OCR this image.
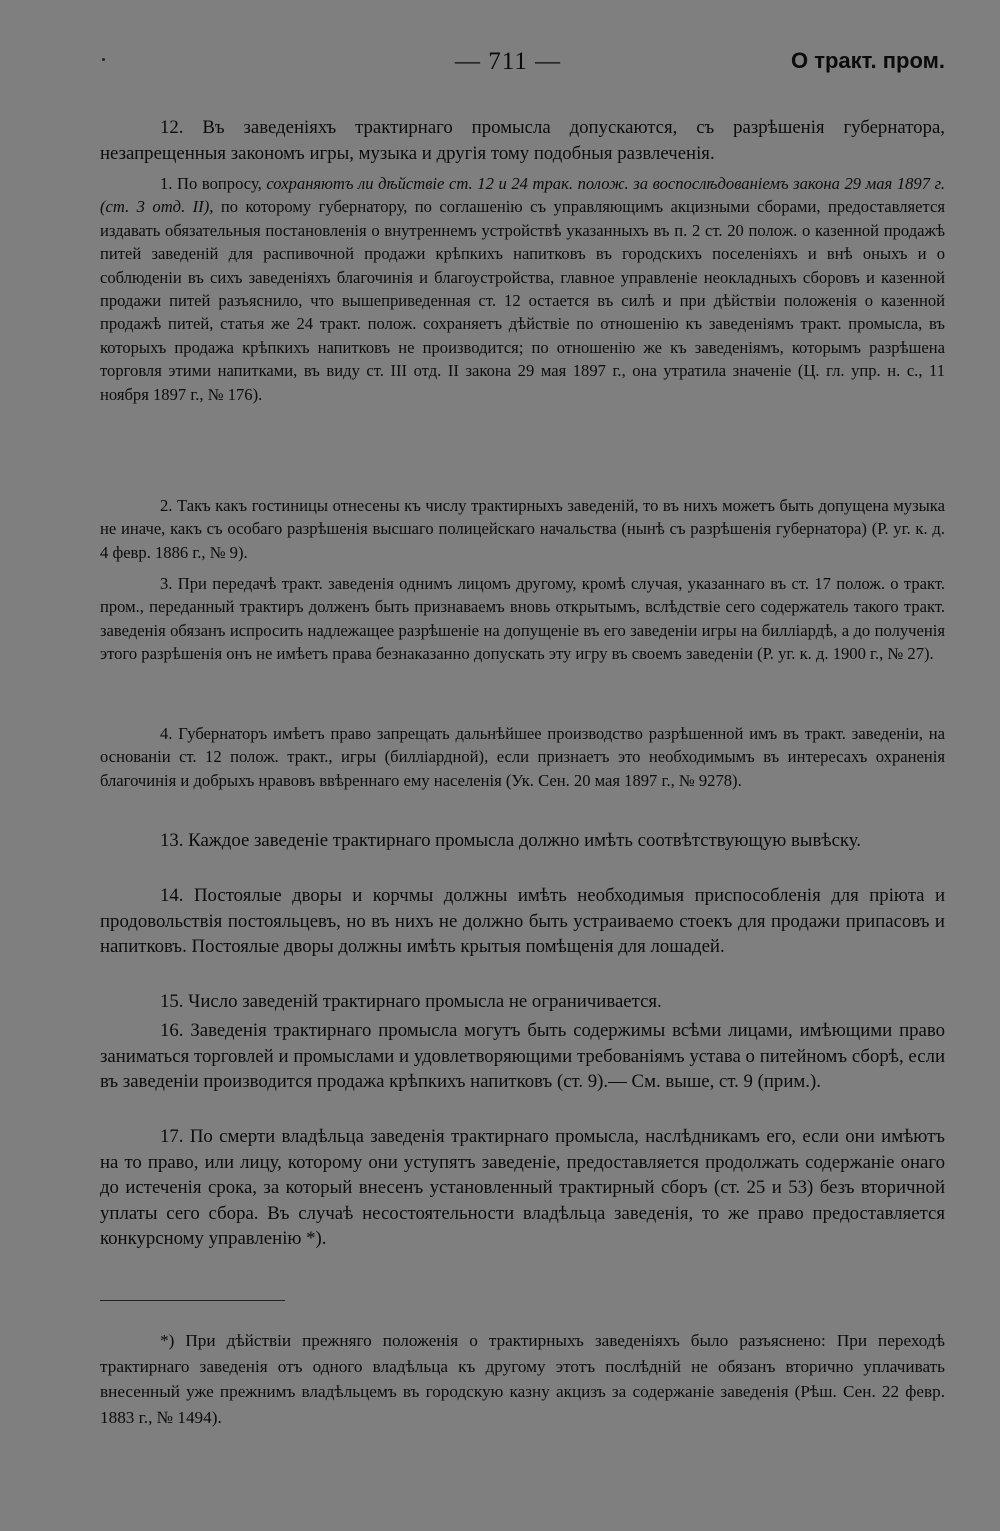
— 711 —	О тракт. пром.

12. Въ заведеніяхъ трактирнаго промысла допускаются, съ разрѣшенія губернатора, незапрещенныя закономъ игры, музыка и другія тому подобныя развлеченія.

1. По вопросу, сохраняютъ ли дѣйствіе ст. 12 и 24 трак. полож. за воспослѣдованіемъ закона 29 мая 1897 г. (ст. 3 отд. II), по которому губернатору, по соглашенію съ управляющимъ акцизными сборами, предоставляется издавать обязательныя постановленія о внутреннемъ устройствѣ указанныхъ въ п. 2 ст. 20 полож. о казенной продажѣ питей заведеній для распивочной продажи крѣпкихъ напитковъ въ городскихъ поселеніяхъ и внѣ оныхъ и о соблюденіи въ сихъ заведеніяхъ благочинія и благоустройства, главное управленіе неокладныхъ сборовъ и казенной продажи питей разъяснило, что вышеприведенная ст. 12 остается въ силѣ и при дѣйствіи положенія о казенной продажѣ питей, статья же 24 тракт. полож. сохраняетъ дѣйствіе по отношенію къ заведеніямъ тракт. промысла, въ которыхъ продажа крѣпкихъ напитковъ не производится; по отношенію же къ заведеніямъ, которымъ разрѣшена торговля этими напитками, въ виду ст. III отд. II закона 29 мая 1897 г., она утратила значеніе (Ц. гл. упр. н. с., 11 ноября 1897 г., № 176).

2. Такъ какъ гостиницы отнесены къ числу трактирныхъ заведеній, то въ нихъ можетъ быть допущена музыка не иначе, какъ съ особаго разрѣшенія высшаго полицейскаго начальства (нынѣ съ разрѣшенія губернатора) (Р. уг. к. д. 4 февр. 1886 г., № 9).

3. При передачѣ тракт. заведенія однимъ лицомъ другому, кромѣ случая, указаннаго въ ст. 17 полож. о тракт. пром., переданный трактиръ долженъ быть признаваемъ вновь открытымъ, вслѣдствіе сего содержатель такого тракт. заведенія обязанъ испросить надлежащее разрѣшеніе на допущеніе въ его заведеніи игры на билліардѣ, а до полученія этого разрѣшенія онъ не имѣетъ права безнаказанно допускать эту игру въ своемъ заведеніи (Р. уг. к. д. 1900 г., № 27).

4. Губернаторъ имѣетъ право запрещать дальнѣйшее производство разрѣшенной имъ въ тракт. заведеніи, на основаніи ст. 12 полож. тракт., игры (билліардной), если признаетъ это необходимымъ въ интересахъ охраненія благочинія и добрыхъ нравовъ ввѣреннаго ему населенія (Ук. Сен. 20 мая 1897 г., № 9278).

13. Каждое заведеніе трактирнаго промысла должно имѣть соотвѣтствующую вывѣску.

14. Постоялые дворы и корчмы должны имѣть необходимыя приспособленія для пріюта и продовольствія постояльцевъ, но въ нихъ не должно быть устраиваемо стоекъ для продажи припасовъ и напитковъ. Постоялые дворы должны имѣть крытыя помѣщенія для лошадей.

15. Число заведеній трактирнаго промысла не ограничивается.

16. Заведенія трактирнаго промысла могутъ быть содержимы всѣми лицами, имѣющими право заниматься торговлей и промыслами и удовлетворяющими требованіямъ устава о питейномъ сборѣ, если въ заведеніи производится продажа крѣпкихъ напитковъ (ст. 9).— См. выше, ст. 9 (прим.).

17. По смерти владѣльца заведенія трактирнаго промысла, наслѣдникамъ его, если они имѣютъ на то право, или лицу, которому они уступятъ заведеніе, предоставляется продолжать содержаніе онаго до истеченія срока, за который внесенъ установленный трактирный сборъ (ст. 25 и 53) безъ вторичной уплаты сего сбора. Въ случаѣ несостоятельности владѣльца заведенія, то же право предоставляется конкурсному управленію *).

*) При дѣйствіи прежняго положенія о трактирныхъ заведеніяхъ было разъяснено: При переходѣ трактирнаго заведенія отъ одного владѣльца къ другому этотъ послѣдній не обязанъ вторично уплачивать внесенный уже прежнимъ владѣльцемъ въ городскую казну акцизъ за содержаніе заведенія (Рѣш. Сен. 22 февр. 1883 г., № 1494).
